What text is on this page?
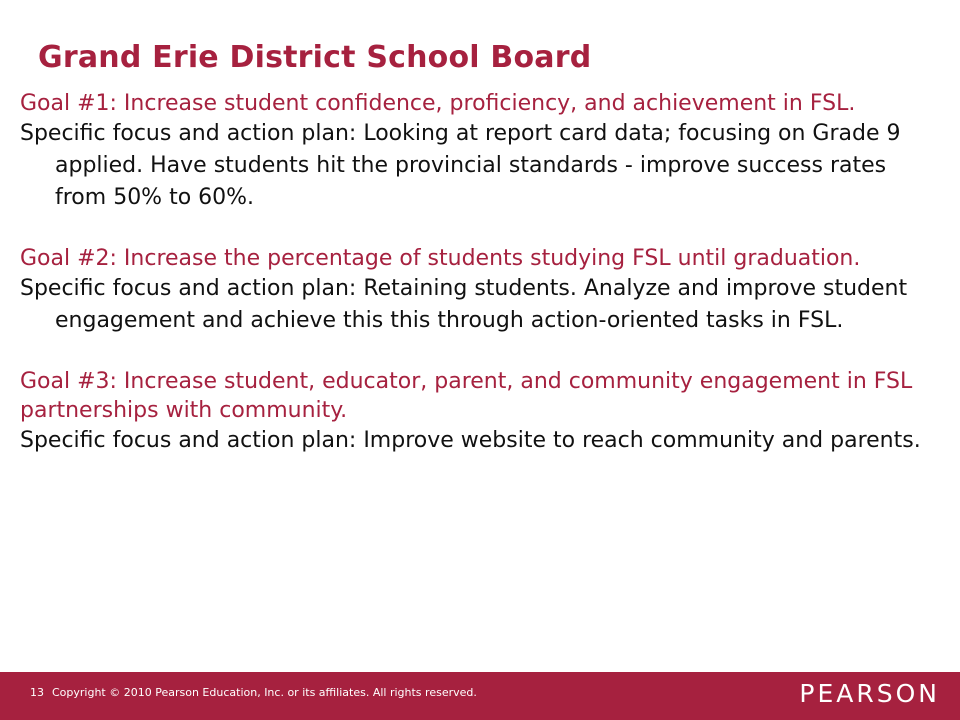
Grand Erie District School Board

Goal #1: Increase student confidence, proficiency, and achievement in FSL.

Specific focus and action plan: Looking at report card data; focusing on Grade 9 applied. Have students hit the provincial standards - improve success rates from 50% to 60%.

Goal #2: Increase the percentage of students studying FSL until graduation.

Specific focus and action plan: Retaining students. Analyze and improve student engagement and achieve this this through action-oriented tasks in FSL.

Goal #3: Increase student, educator, parent, and community engagement in FSL partnerships with community.

Specific focus and action plan: Improve website to reach community and parents.

13 Copyright © 2010 Pearson Education, Inc. or its affiliates. All rights reserved.	PEARSON
